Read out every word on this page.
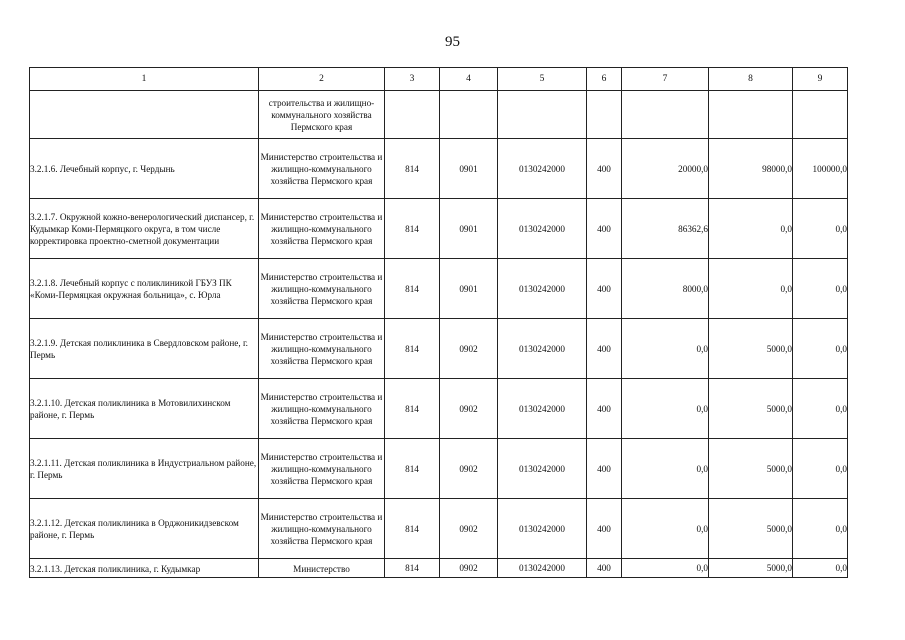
95
1	2	3	4	5	6	7	8	9
	строительства и жилищно-коммунального хозяйства Пермского края							
3.2.1.6. Лечебный корпус, г. Чердынь	Министерство строительства и жилищно-коммунального хозяйства Пермского края	814	0901	0130242000	400	20000,0	98000,0	100000,0
3.2.1.7. Окружной кожно-венерологический диспансер, г. Кудымкар Коми-Пермяцкого округа, в том числе корректировка проектно-сметной документации	Министерство строительства и жилищно-коммунального хозяйства Пермского края	814	0901	0130242000	400	86362,6	0,0	0,0
3.2.1.8. Лечебный корпус с поликлиникой ГБУЗ ПК «Коми-Пермяцкая окружная больница», с. Юрла	Министерство строительства и жилищно-коммунального хозяйства Пермского края	814	0901	0130242000	400	8000,0	0,0	0,0
3.2.1.9. Детская поликлиника в Свердловском районе, г. Пермь	Министерство строительства и жилищно-коммунального хозяйства Пермского края	814	0902	0130242000	400	0,0	5000,0	0,0
3.2.1.10. Детская поликлиника в Мотовилихинском районе, г. Пермь	Министерство строительства и жилищно-коммунального хозяйства Пермского края	814	0902	0130242000	400	0,0	5000,0	0,0
3.2.1.11. Детская поликлиника в Индустриальном районе, г. Пермь	Министерство строительства и жилищно-коммунального хозяйства Пермского края	814	0902	0130242000	400	0,0	5000,0	0,0
3.2.1.12. Детская поликлиника в Орджоникидзевском районе, г. Пермь	Министерство строительства и жилищно-коммунального хозяйства Пермского края	814	0902	0130242000	400	0,0	5000,0	0,0
3.2.1.13. Детская поликлиника, г. Кудымкар	Министерство	814	0902	0130242000	400	0,0	5000,0	0,0
